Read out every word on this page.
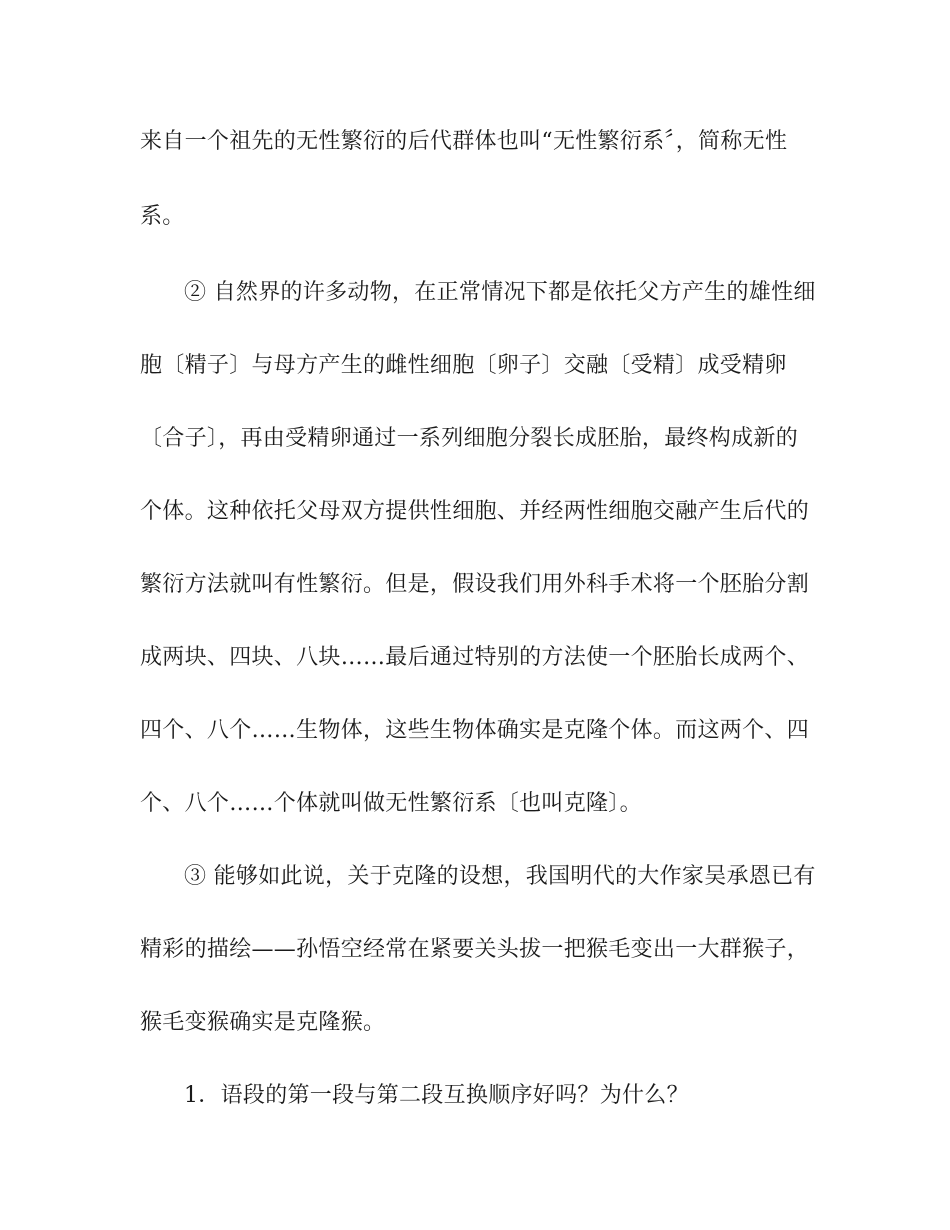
来自一个祖先的无性繁衍的后代群体也叫“无性繁衍系〞，简称无性
系。
② 自然界的许多动物，在正常情况下都是依托父方产生的雄性细
胞〔精子〕与母方产生的雌性细胞〔卵子〕交融〔受精〕成受精卵
〔合子〕，再由受精卵通过一系列细胞分裂长成胚胎，最终构成新的
个体。这种依托父母双方提供性细胞、并经两性细胞交融产生后代的
繁衍方法就叫有性繁衍。但是，假设我们用外科手术将一个胚胎分割
成两块、四块、八块……最后通过特别的方法使一个胚胎长成两个、
四个、八个……生物体，这些生物体确实是克隆个体。而这两个、四
个、八个……个体就叫做无性繁衍系〔也叫克隆〕。
③ 能够如此说，关于克隆的设想，我国明代的大作家吴承恩已有
精彩的描绘——孙悟空经常在紧要关头拔一把猴毛变出一大群猴子，
猴毛变猴确实是克隆猴。
1．语段的第一段与第二段互换顺序好吗？为什么？
